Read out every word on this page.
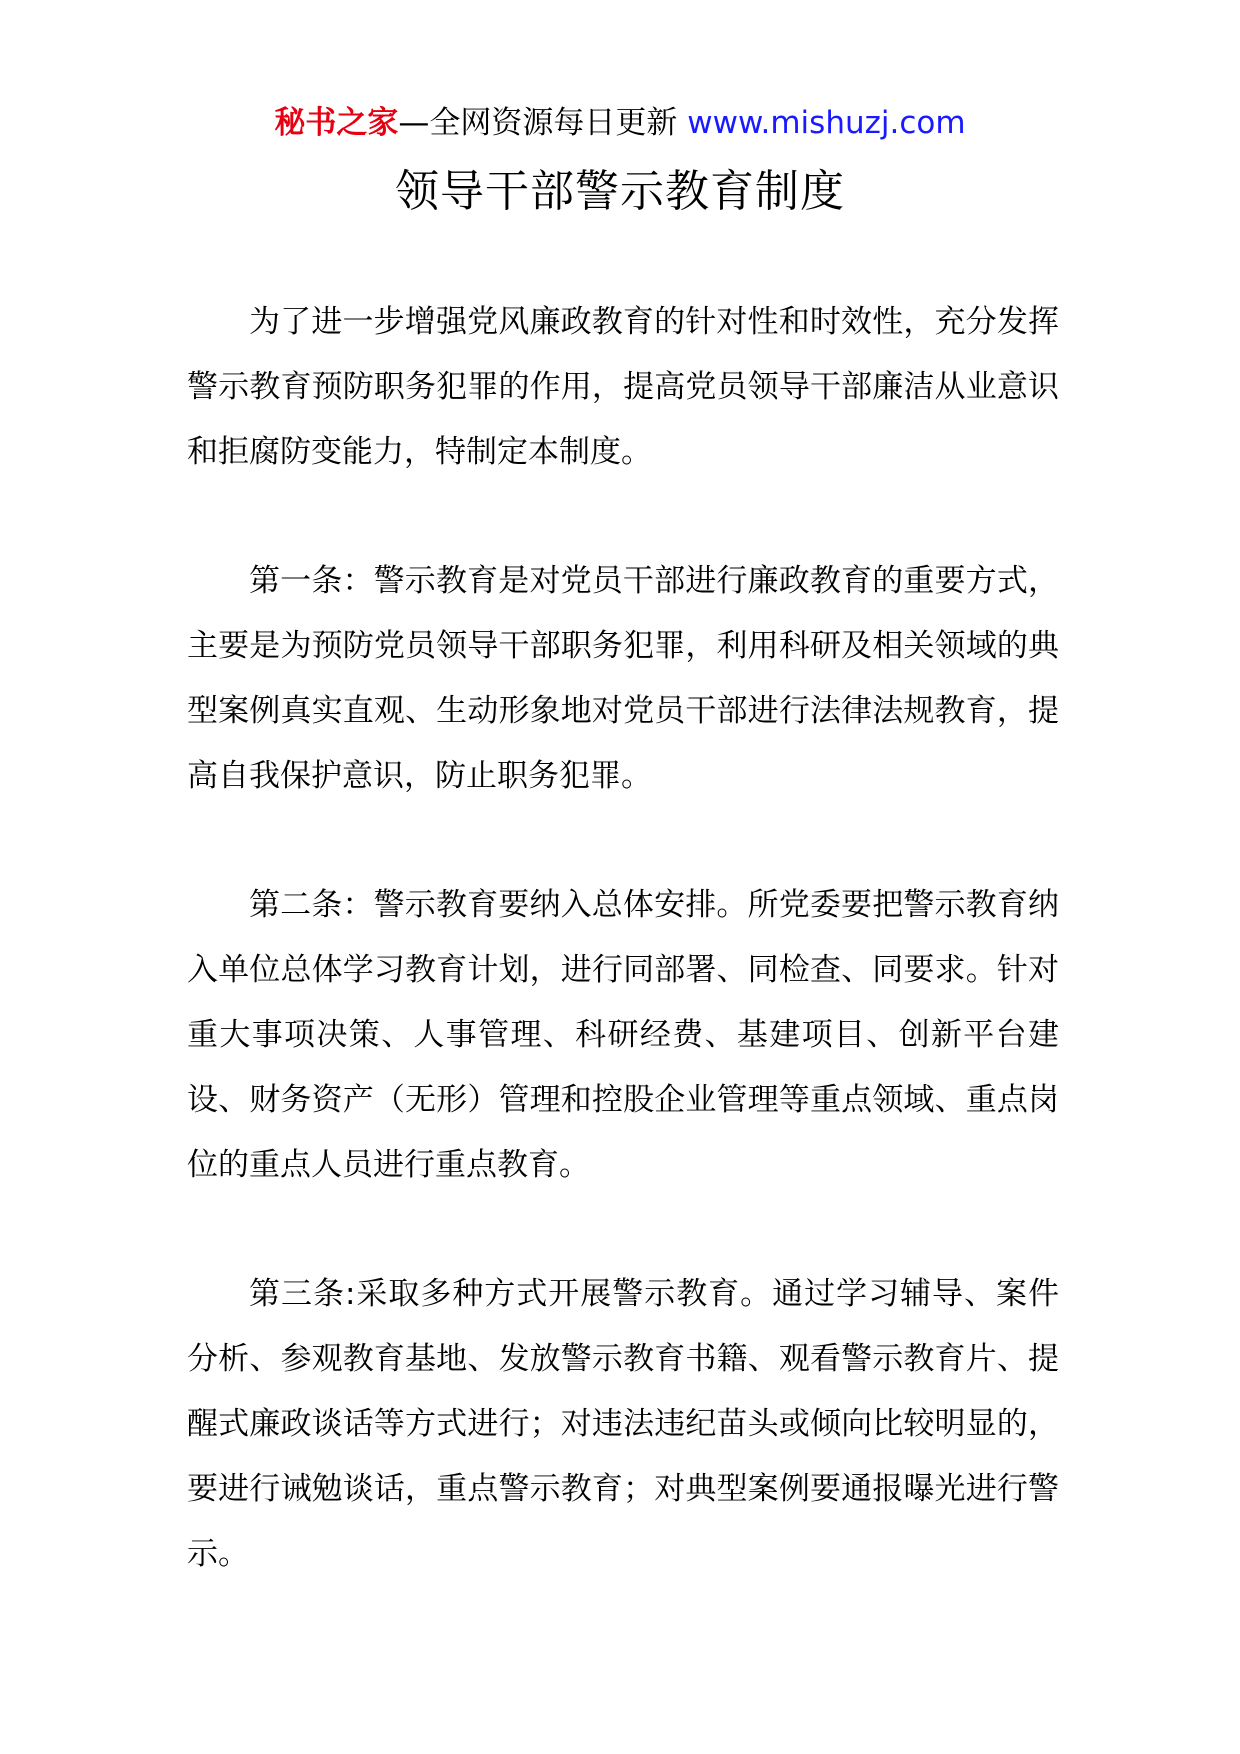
秘书之家—全网资源每日更新 www.mishuzj.com
领导干部警示教育制度

为了进一步增强党风廉政教育的针对性和时效性，充分发挥警示教育预防职务犯罪的作用，提高党员领导干部廉洁从业意识和拒腐防变能力，特制定本制度。

第一条：警示教育是对党员干部进行廉政教育的重要方式，主要是为预防党员领导干部职务犯罪，利用科研及相关领域的典型案例真实直观、生动形象地对党员干部进行法律法规教育，提高自我保护意识，防止职务犯罪。

第二条：警示教育要纳入总体安排。所党委要把警示教育纳入单位总体学习教育计划，进行同部署、同检查、同要求。针对重大事项决策、人事管理、科研经费、基建项目、创新平台建设、财务资产（无形）管理和控股企业管理等重点领域、重点岗位的重点人员进行重点教育。

第三条:采取多种方式开展警示教育。通过学习辅导、案件分析、参观教育基地、发放警示教育书籍、观看警示教育片、提醒式廉政谈话等方式进行；对违法违纪苗头或倾向比较明显的，要进行诫勉谈话，重点警示教育；对典型案例要通报曝光进行警示。
